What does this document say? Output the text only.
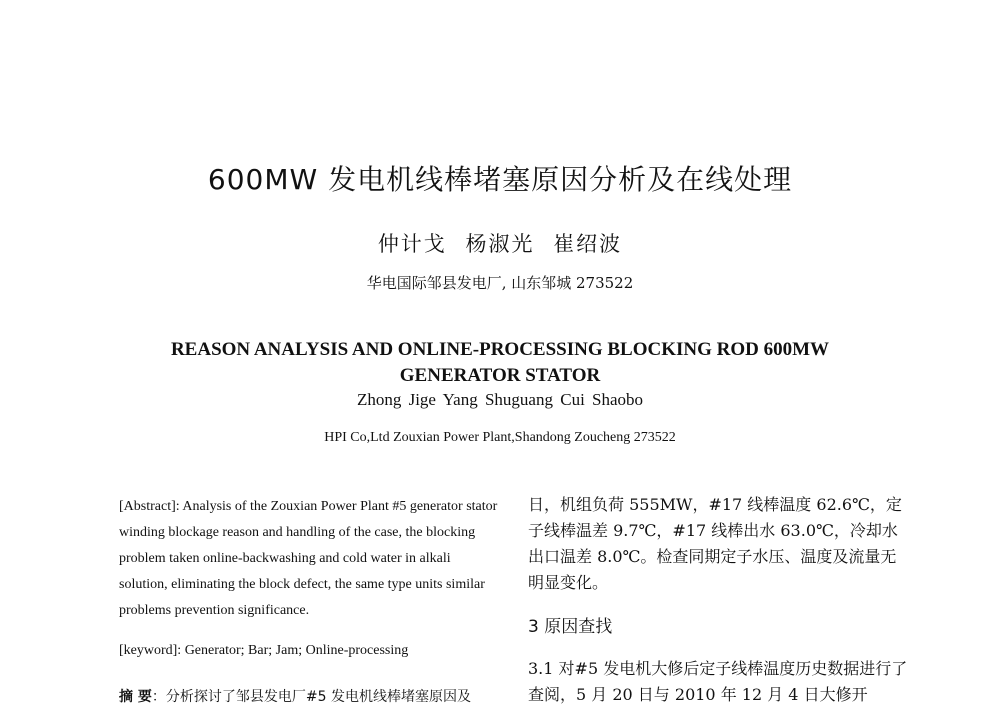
600MW 发电机线棒堵塞原因分析及在线处理
仲计戈 杨淑光 崔绍波
华电国际邹县发电厂, 山东邹城 273522
REASON ANALYSIS AND ONLINE-PROCESSING BLOCKING ROD 600MW GENERATOR STATOR
Zhong Jige Yang Shuguang Cui Shaobo
HPI Co,Ltd Zouxian Power Plant,Shandong Zoucheng 273522

[Abstract]: Analysis of the Zouxian Power Plant #5 generator stator winding blockage reason and handling of the case, the blocking problem taken online-backwashing and cold water in alkali solution, eliminating the block defect, the same type units similar problems prevention significance.

[keyword]: Generator; Bar; Jam; Online-processing

摘 要：分析探讨了邹县发电厂#5 发电机线棒堵塞原因及

日，机组负荷 555MW，#17 线棒温度 62.6℃，定子线棒温差 9.7℃，#17 线棒出水 63.0℃，冷却水出口温差 8.0℃。检查同期定子水压、温度及流量无明显变化。

3 原因查找

3.1 对#5 发电机大修后定子线棒温度历史数据进行了查阅，5 月 20 日与 2010 年 12 月 4 日大修开
